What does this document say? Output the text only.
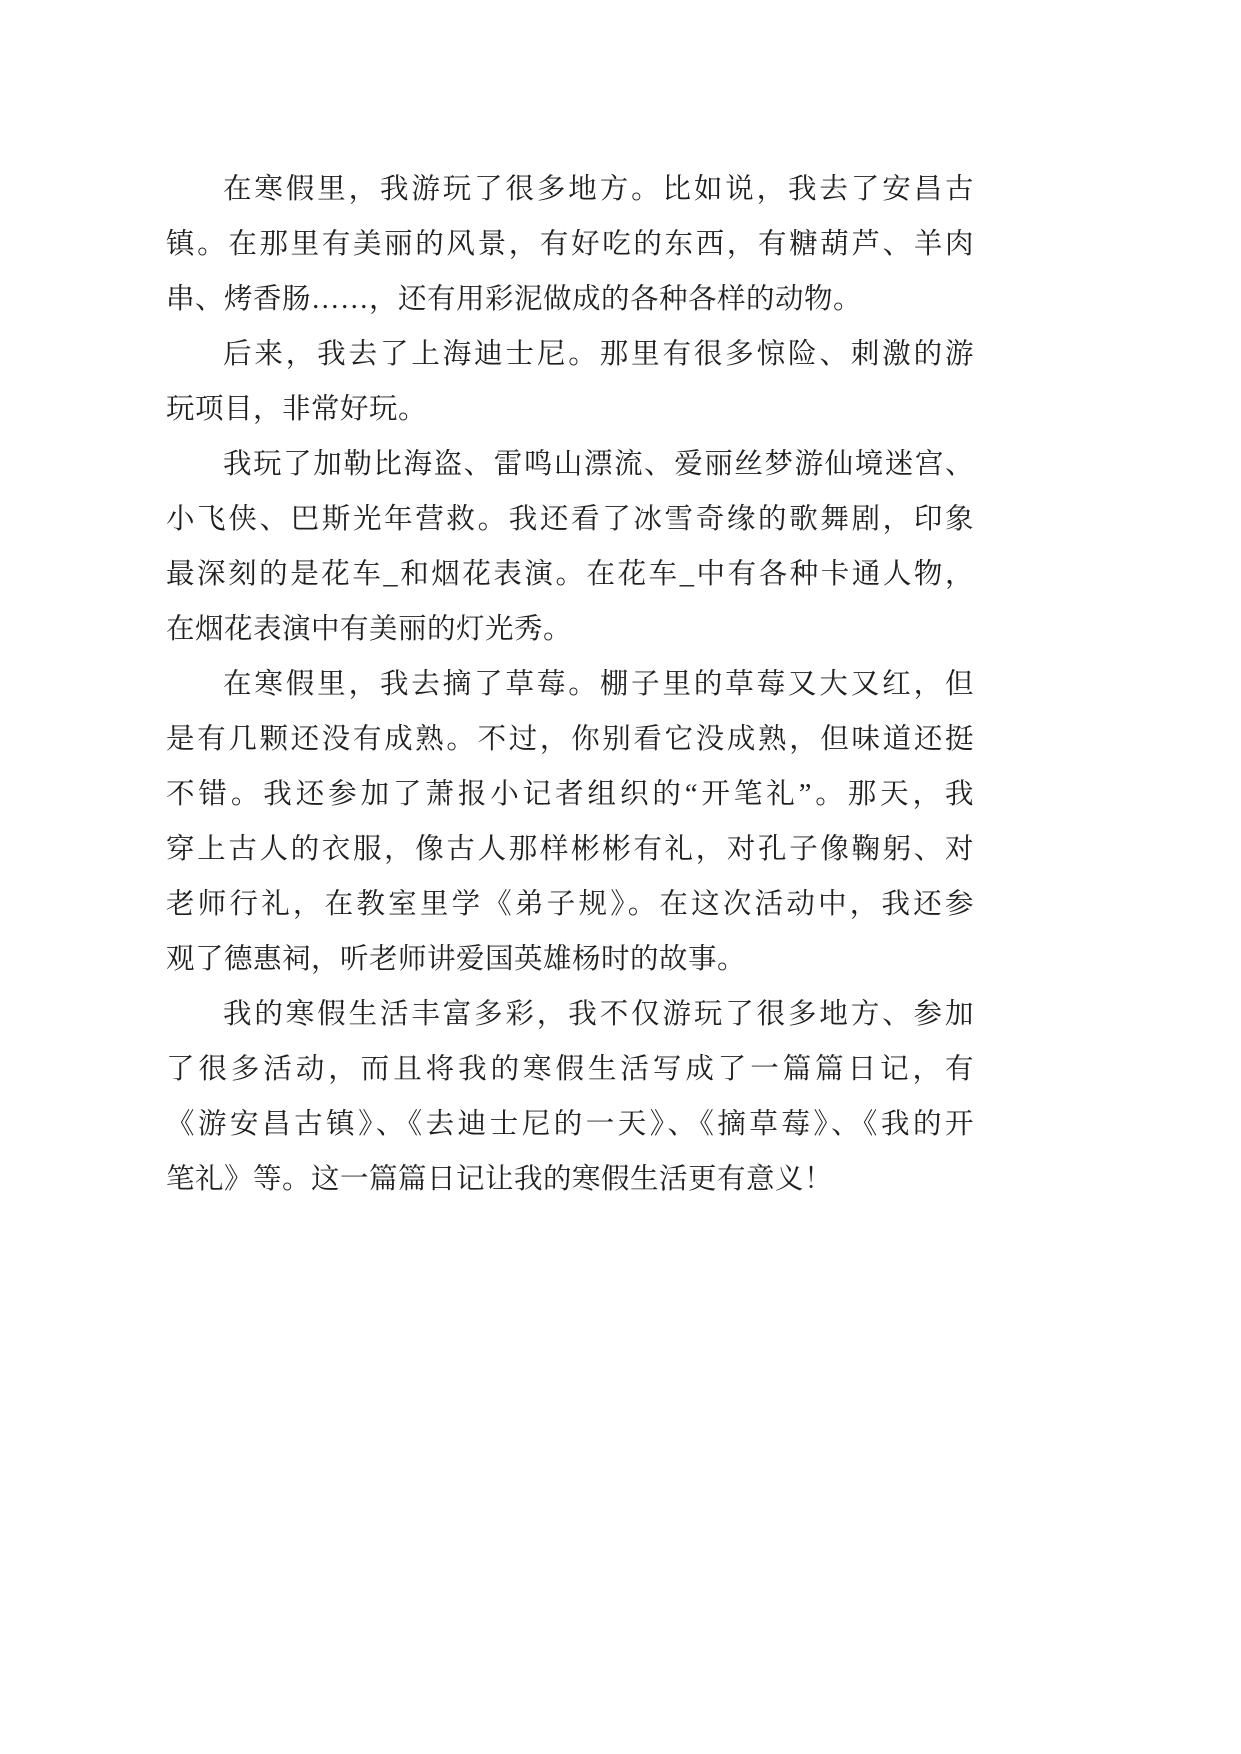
在寒假里，我游玩了很多地方。比如说，我去了安昌古
镇。在那里有美丽的风景，有好吃的东西，有糖葫芦、羊肉
串、烤香肠……，还有用彩泥做成的各种各样的动物。
后来，我去了上海迪士尼。那里有很多惊险、刺激的游
玩项目，非常好玩。
我玩了加勒比海盗、雷鸣山漂流、爱丽丝梦游仙境迷宫、
小飞侠、巴斯光年营救。我还看了冰雪奇缘的歌舞剧，印象
最深刻的是花车_和烟花表演。在花车_中有各种卡通人物，
在烟花表演中有美丽的灯光秀。
在寒假里，我去摘了草莓。棚子里的草莓又大又红，但
是有几颗还没有成熟。不过，你别看它没成熟，但味道还挺
不错。我还参加了萧报小记者组织的“开笔礼”。那天，我
穿上古人的衣服，像古人那样彬彬有礼，对孔子像鞠躬、对
老师行礼，在教室里学《弟子规》。在这次活动中，我还参
观了德惠祠，听老师讲爱国英雄杨时的故事。
我的寒假生活丰富多彩，我不仅游玩了很多地方、参加
了很多活动，而且将我的寒假生活写成了一篇篇日记，有
《游安昌古镇》、《去迪士尼的一天》、《摘草莓》、《我的开
笔礼》等。这一篇篇日记让我的寒假生活更有意义！
